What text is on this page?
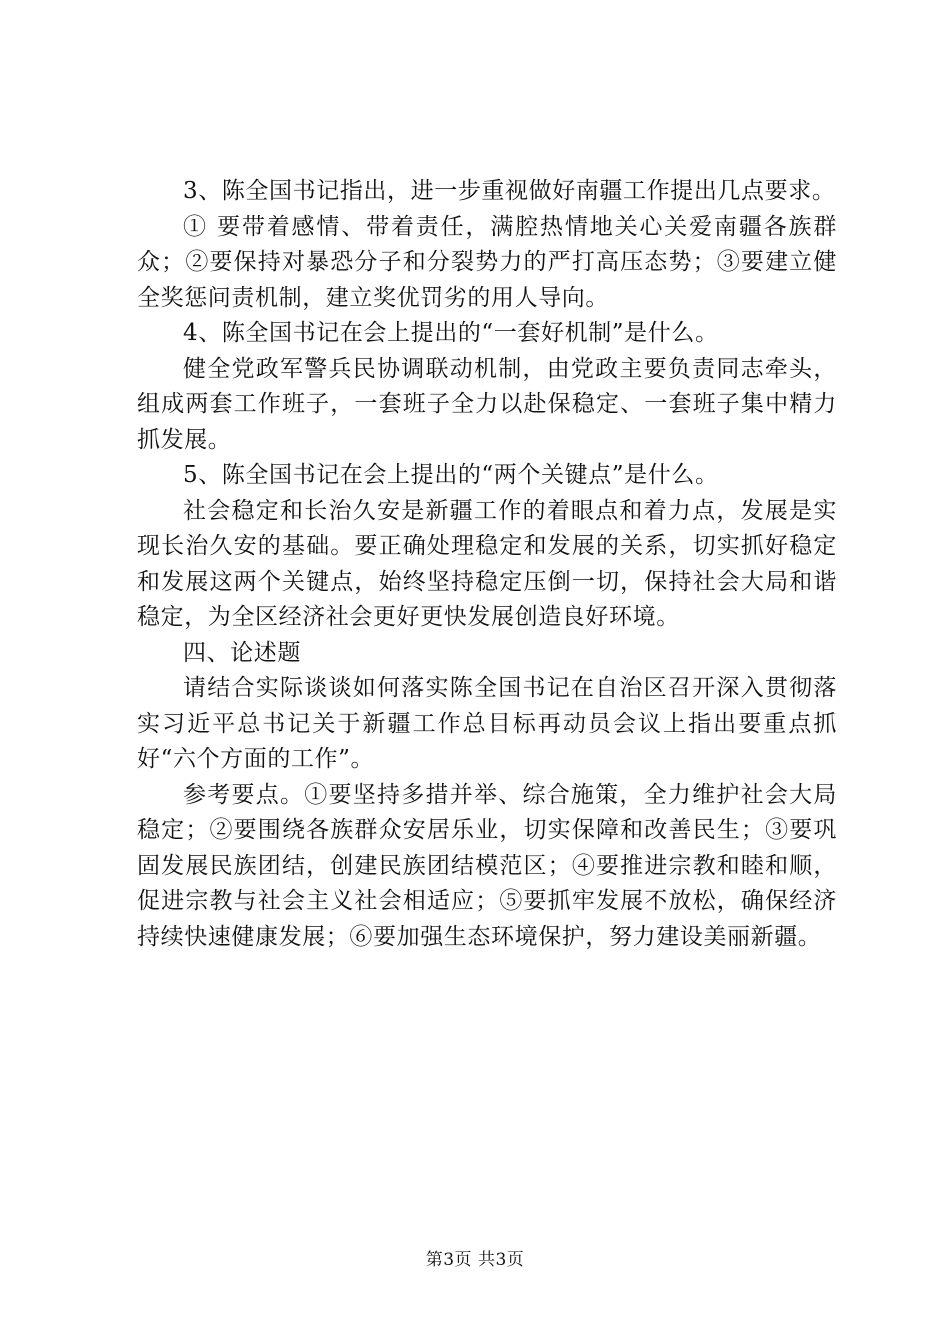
3、陈全国书记指出，进一步重视做好南疆工作提出几点要求。

① 要带着感情、带着责任，满腔热情地关心关爱南疆各族群众；②要保持对暴恐分子和分裂势力的严打高压态势；③要建立健全奖惩问责机制，建立奖优罚劣的用人导向。

4、陈全国书记在会上提出的“一套好机制”是什么。

健全党政军警兵民协调联动机制，由党政主要负责同志牵头，组成两套工作班子，一套班子全力以赴保稳定、一套班子集中精力抓发展。

5、陈全国书记在会上提出的“两个关键点”是什么。

社会稳定和长治久安是新疆工作的着眼点和着力点，发展是实现长治久安的基础。要正确处理稳定和发展的关系，切实抓好稳定和发展这两个关键点，始终坚持稳定压倒一切，保持社会大局和谐稳定，为全区经济社会更好更快发展创造良好环境。

四、论述题

请结合实际谈谈如何落实陈全国书记在自治区召开深入贯彻落实习近平总书记关于新疆工作总目标再动员会议上指出要重点抓好“六个方面的工作”。

参考要点。①要坚持多措并举、综合施策，全力维护社会大局稳定；②要围绕各族群众安居乐业，切实保障和改善民生；③要巩固发展民族团结，创建民族团结模范区；④要推进宗教和睦和顺，促进宗教与社会主义社会相适应；⑤要抓牢发展不放松，确保经济持续快速健康发展；⑥要加强生态环境保护，努力建设美丽新疆。

第3页 共3页
